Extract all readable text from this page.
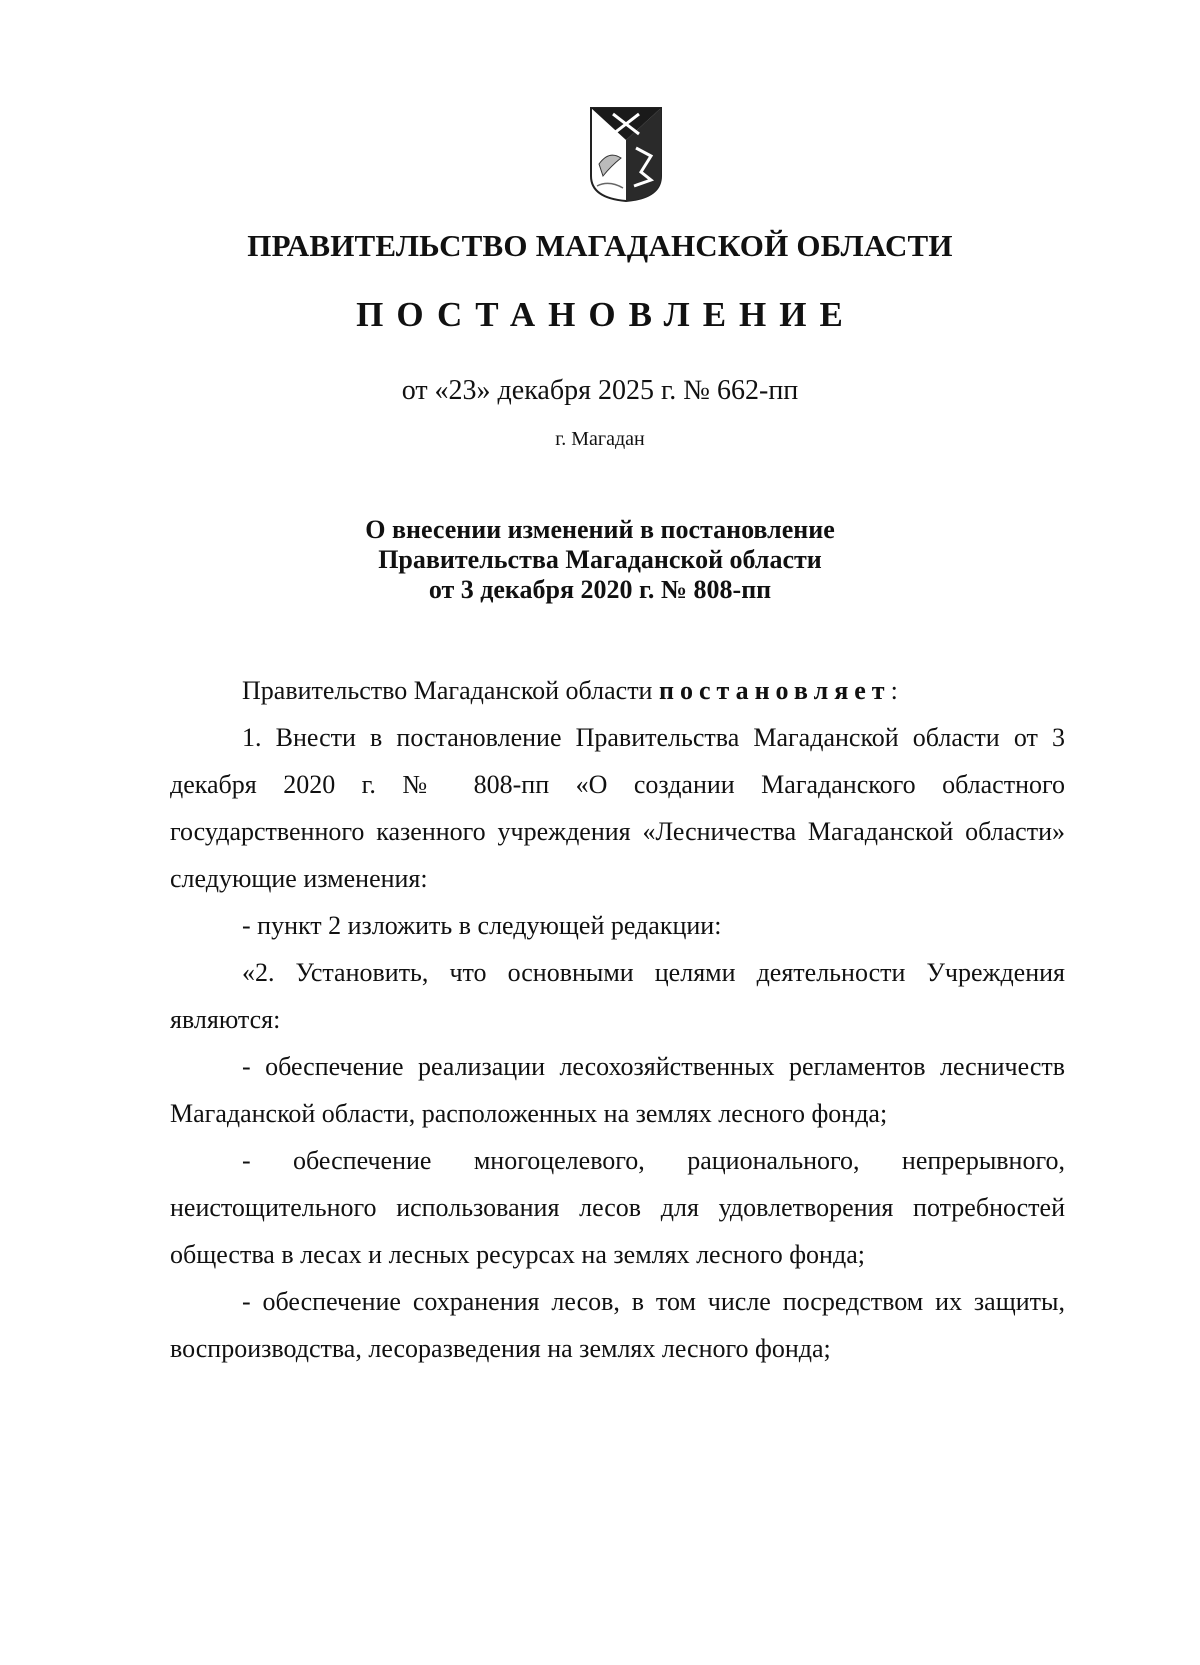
ПРАВИТЕЛЬСТВО МАГАДАНСКОЙ ОБЛАСТИ
ПОСТАНОВЛЕНИЕ
от «23» декабря 2025 г. № 662-пп
г. Магадан
О внесении изменений в постановление
Правительства Магаданской области
от 3 декабря 2020 г. № 808-пп

Правительство Магаданской области постановляет:

1. Внести в постановление Правительства Магаданской области от 3 декабря 2020 г. № 808-пп «О создании Магаданского областного государственного казенного учреждения «Лесничества Магаданской области» следующие изменения:

- пункт 2 изложить в следующей редакции:

«2. Установить, что основными целями деятельности Учреждения являются:

- обеспечение реализации лесохозяйственных регламентов лесничеств Магаданской области, расположенных на землях лесного фонда;

- обеспечение многоцелевого, рационального, непрерывного, неистощительного использования лесов для удовлетворения потребностей общества в лесах и лесных ресурсах на землях лесного фонда;

- обеспечение сохранения лесов, в том числе посредством их защиты, воспроизводства, лесоразведения на землях лесного фонда;
